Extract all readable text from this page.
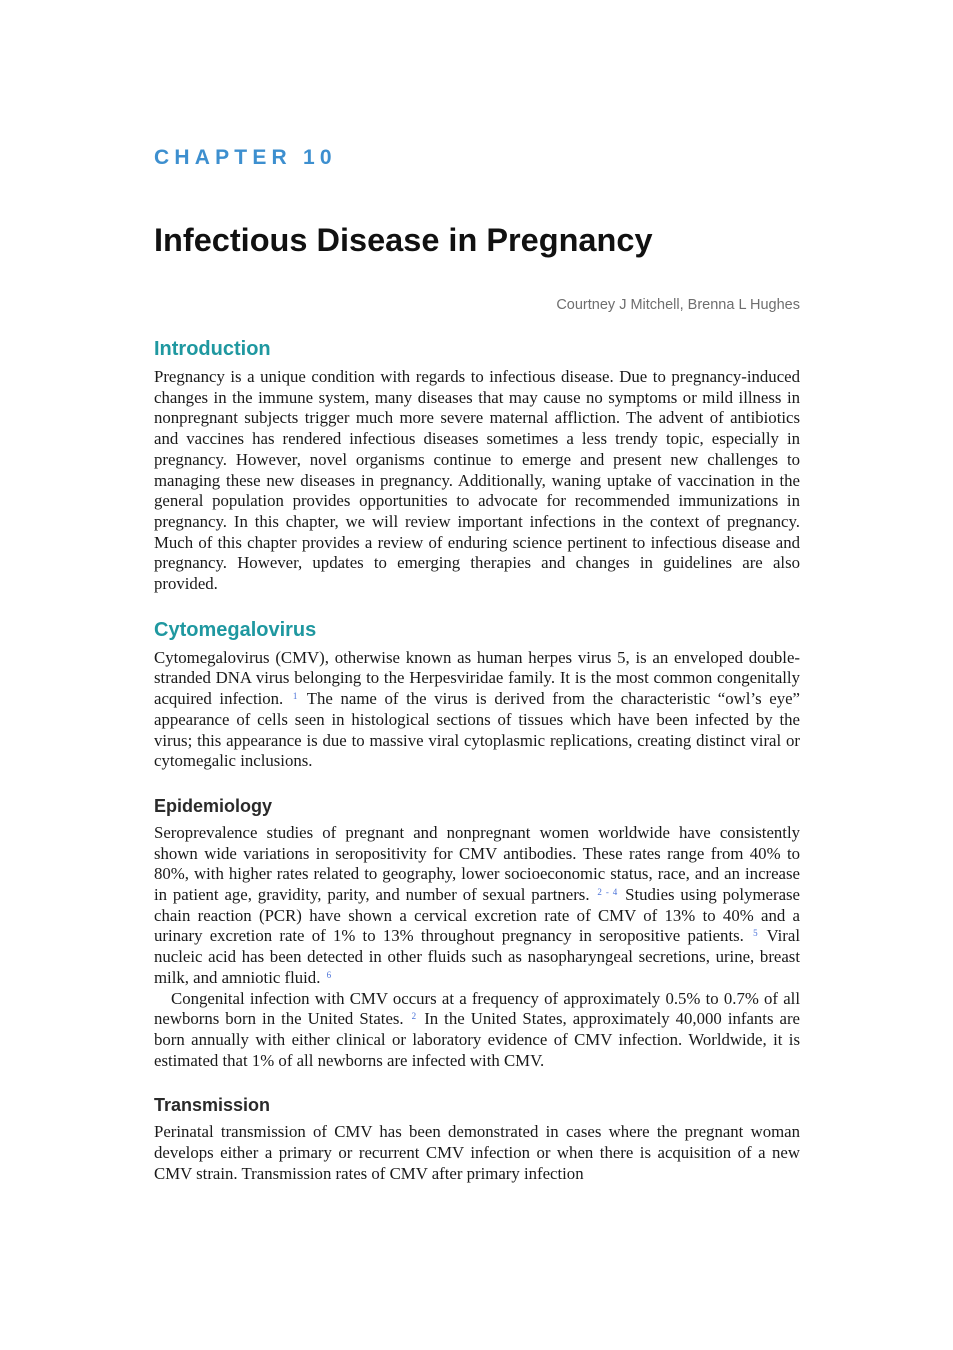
CHAPTER 10
Infectious Disease in Pregnancy
Courtney J Mitchell, Brenna L Hughes
Introduction

Pregnancy is a unique condition with regards to infectious disease. Due to pregnancy-induced changes in the immune system, many diseases that may cause no symptoms or mild illness in nonpregnant subjects trigger much more severe maternal affliction. The advent of antibiotics and vaccines has rendered infectious diseases sometimes a less trendy topic, especially in pregnancy. However, novel organisms continue to emerge and present new challenges to managing these new diseases in pregnancy. Additionally, waning uptake of vaccination in the general population provides opportunities to advocate for recommended immunizations in pregnancy. In this chapter, we will review important infections in the context of pregnancy. Much of this chapter provides a review of enduring science pertinent to infectious disease and pregnancy. However, updates to emerging therapies and changes in guidelines are also provided.

Cytomegalovirus

Cytomegalovirus (CMV), otherwise known as human herpes virus 5, is an enveloped double-stranded DNA virus belonging to the Herpesviridae family. It is the most common congenitally acquired infection. $^1$ The name of the virus is derived from the characteristic “owl’s eye” appearance of cells seen in histological sections of tissues which have been infected by the virus; this appearance is due to massive viral cytoplasmic replications, creating distinct viral or cytomegalic inclusions.

Epidemiology

Seroprevalence studies of pregnant and nonpregnant women worldwide have consistently shown wide variations in seropositivity for CMV antibodies. These rates range from 40% to 80%, with higher rates related to geography, lower socioeconomic status, race, and an increase in patient age, gravidity, parity, and number of sexual partners. $^{2 - 4}$ Studies using polymerase chain reaction (PCR) have shown a cervical excretion rate of CMV of 13% to 40% and a urinary excretion rate of 1% to 13% throughout pregnancy in seropositive patients. $^5$ Viral nucleic acid has been detected in other fluids such as nasopharyngeal secretions, urine, breast milk, and amniotic fluid. $^6$

Congenital infection with CMV occurs at a frequency of approximately 0.5% to 0.7% of all newborns born in the United States. $^2$ In the United States, approximately 40,000 infants are born annually with either clinical or laboratory evidence of CMV infection. Worldwide, it is estimated that 1% of all newborns are infected with CMV.

Transmission

Perinatal transmission of CMV has been demonstrated in cases where the pregnant woman develops either a primary or recurrent CMV infection or when there is acquisition of a new CMV strain. Transmission rates of CMV after primary infection
